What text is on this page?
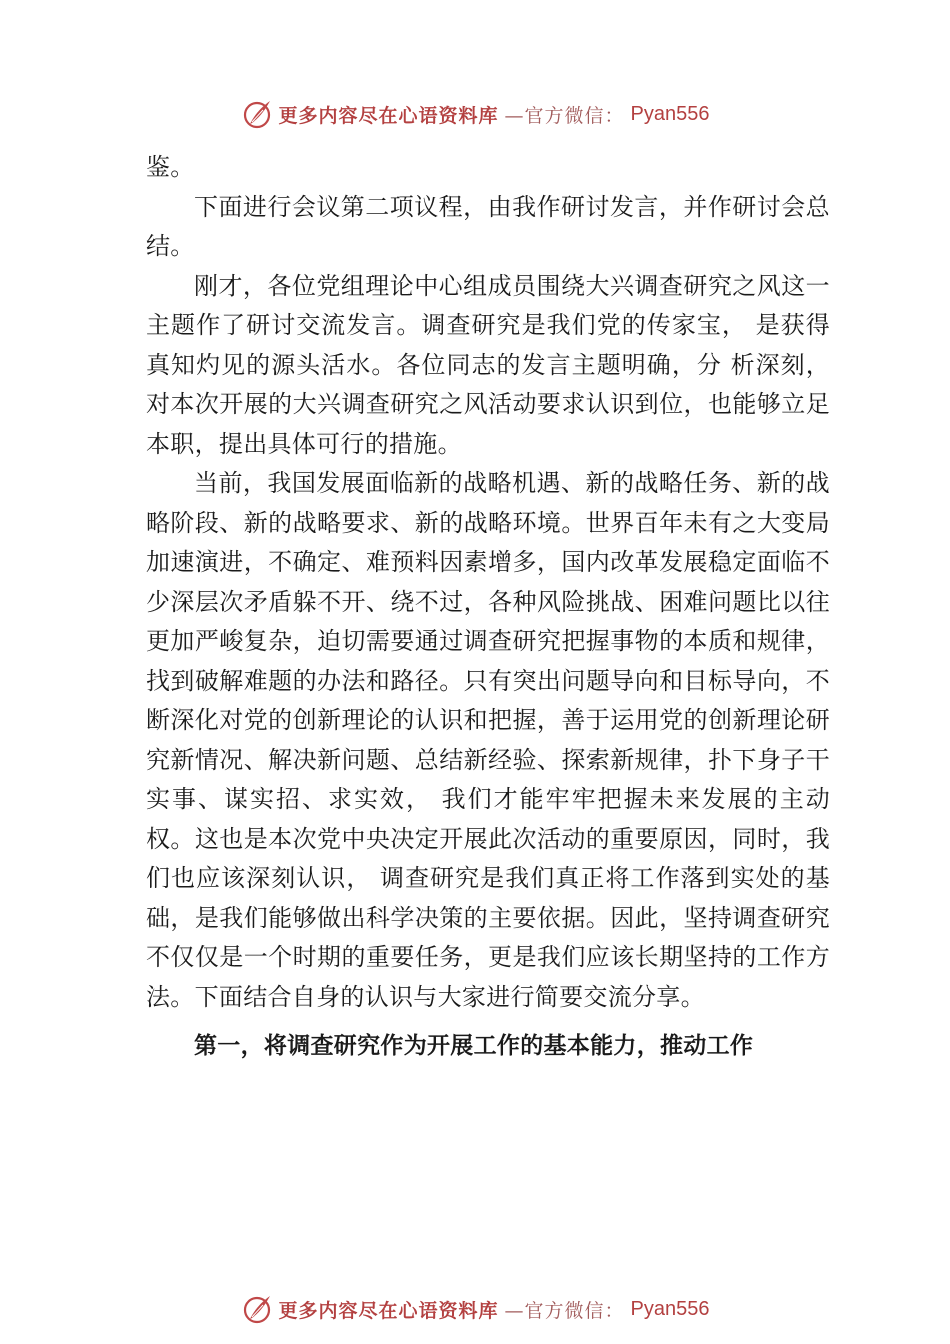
更多内容尽在心语资料库 —官方微信： Pyan556

鉴。

下面进行会议第二项议程，由我作研讨发言，并作研讨会总结。

刚才，各位党组理论中心组成员围绕大兴调查研究之风这一主题作了研讨交流发言。调查研究是我们党的传家宝， 是获得真知灼见的源头活水。各位同志的发言主题明确，分 析深刻，对本次开展的大兴调查研究之风活动要求认识到位，也能够立足本职，提出具体可行的措施。

当前，我国发展面临新的战略机遇、新的战略任务、新的战略阶段、新的战略要求、新的战略环境。世界百年未有之大变局加速演进，不确定、难预料因素增多，国内改革发展稳定面临不少深层次矛盾躲不开、绕不过，各种风险挑战、困难问题比以往更加严峻复杂，迫切需要通过调查研究把握事物的本质和规律，找到破解难题的办法和路径。只有突出问题导向和目标导向，不断深化对党的创新理论的认识和把握，善于运用党的创新理论研究新情况、解决新问题、总结新经验、探索新规律，扑下身子干实事、谋实招、求实效， 我们才能牢牢把握未来发展的主动权。这也是本次党中央决定开展此次活动的重要原因，同时，我们也应该深刻认识， 调查研究是我们真正将工作落到实处的基础，是我们能够做出科学决策的主要依据。因此，坚持调查研究不仅仅是一个时期的重要任务，更是我们应该长期坚持的工作方法。下面结合自身的认识与大家进行简要交流分享。

第一，将调查研究作为开展工作的基本能力，推动工作

更多内容尽在心语资料库 —官方微信： Pyan556
